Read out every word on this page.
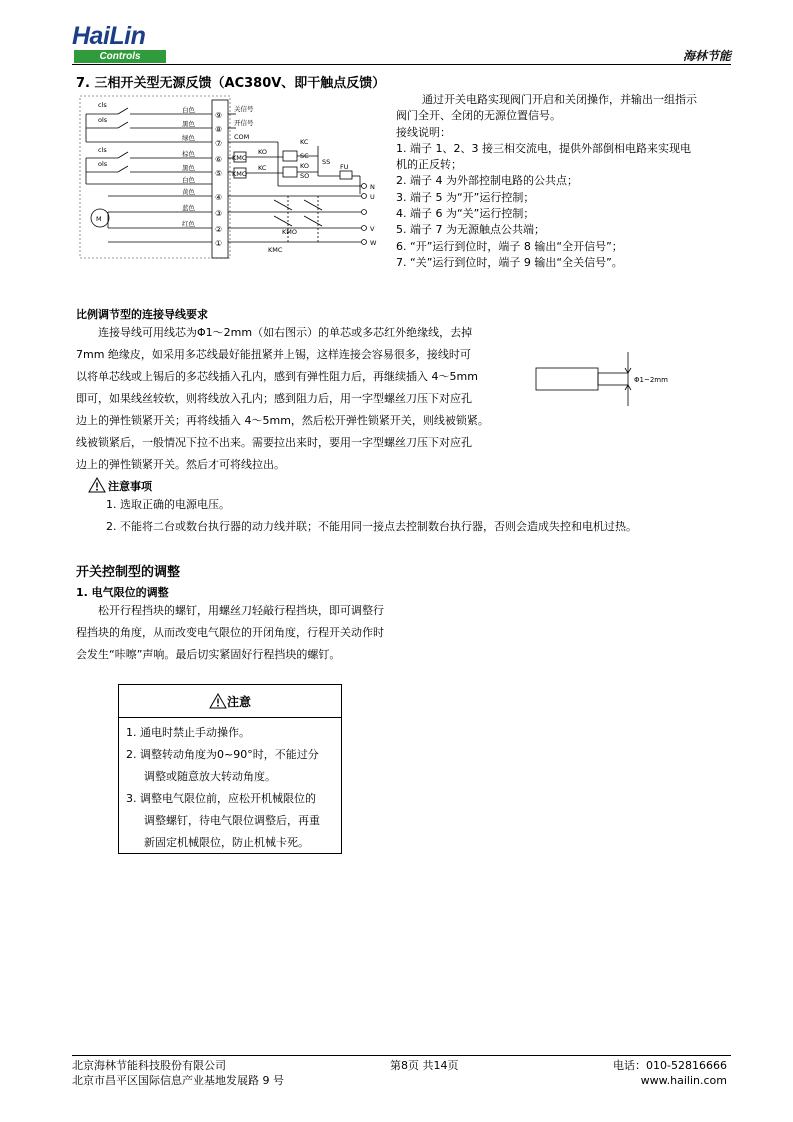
HaiLin
Controls	海林节能
7. 三相开关型无源反馈（AC380V、即干触点反馈）
⑨
⑧
⑦
⑥
⑤
④
③
②
①
白色
黑色
绿色
棕色
黑色
白色
黄色
蓝色
红色
关信号
开信号
COM
cls
ols
cls
ols
KC
KMC
KO	SC
SS
KO
KMO
KC
SO
FU
N
U
V
W
KMO
KMC
M
通过开关电路实现阀门开启和关闭操作，并输出一组指示
阀门全开、全闭的无源位置信号。
接线说明：
1. 端子 1、2、3 接三相交流电，提供外部倒相电路来实现电
机的正反转；
2. 端子 4 为外部控制电路的公共点；
3. 端子 5 为“开”运行控制；
4. 端子 6 为“关”运行控制；
5. 端子 7 为无源触点公共端；
6. “开”运行到位时，端子 8 输出“全开信号”；
7. “关”运行到位时，端子 9 输出“全关信号”。
比例调节型的连接导线要求
连接导线可用线芯为Φ1～2mm（如右图示）的单芯或多芯红外绝缘线，去掉
7mm 绝缘皮，如采用多芯线最好能扭紧并上锡，这样连接会容易很多，接线时可
以将单芯线或上锡后的多芯线插入孔内，感到有弹性阻力后，再继续插入 4～5mm
即可，如果线丝较软，则将线放入孔内；感到阻力后，用一字型螺丝刀压下对应孔
边上的弹性锁紧开关；再将线插入 4～5mm，然后松开弹性锁紧开关，则线被锁紧。
线被锁紧后，一般情况下拉不出来。需要拉出来时，要用一字型螺丝刀压下对应孔
边上的弹性锁紧开关。然后才可将线拉出。
Φ1~2mm
注意事项
1. 选取正确的电源电压。
2. 不能将二台或数台执行器的动力线并联；不能用同一接点去控制数台执行器，否则会造成失控和电机过热。
开关控制型的调整
1. 电气限位的调整
松开行程挡块的螺钉，用螺丝刀轻敲行程挡块，即可调整行
程挡块的角度，从而改变电气限位的开闭角度，行程开关动作时
会发生“咔嚓”声响。最后切实紧固好行程挡块的螺钉。
注意
1. 通电时禁止手动操作。
2. 调整转动角度为0~90°时，不能过分
调整或随意放大转动角度。
3. 调整电气限位前，应松开机械限位的
调整螺钉，待电气限位调整后，再重
新固定机械限位，防止机械卡死。
北京海林节能科技股份有限公司
北京市昌平区国际信息产业基地发展路 9 号
第8页 共14页	电话：010-52816666
www.hailin.com
